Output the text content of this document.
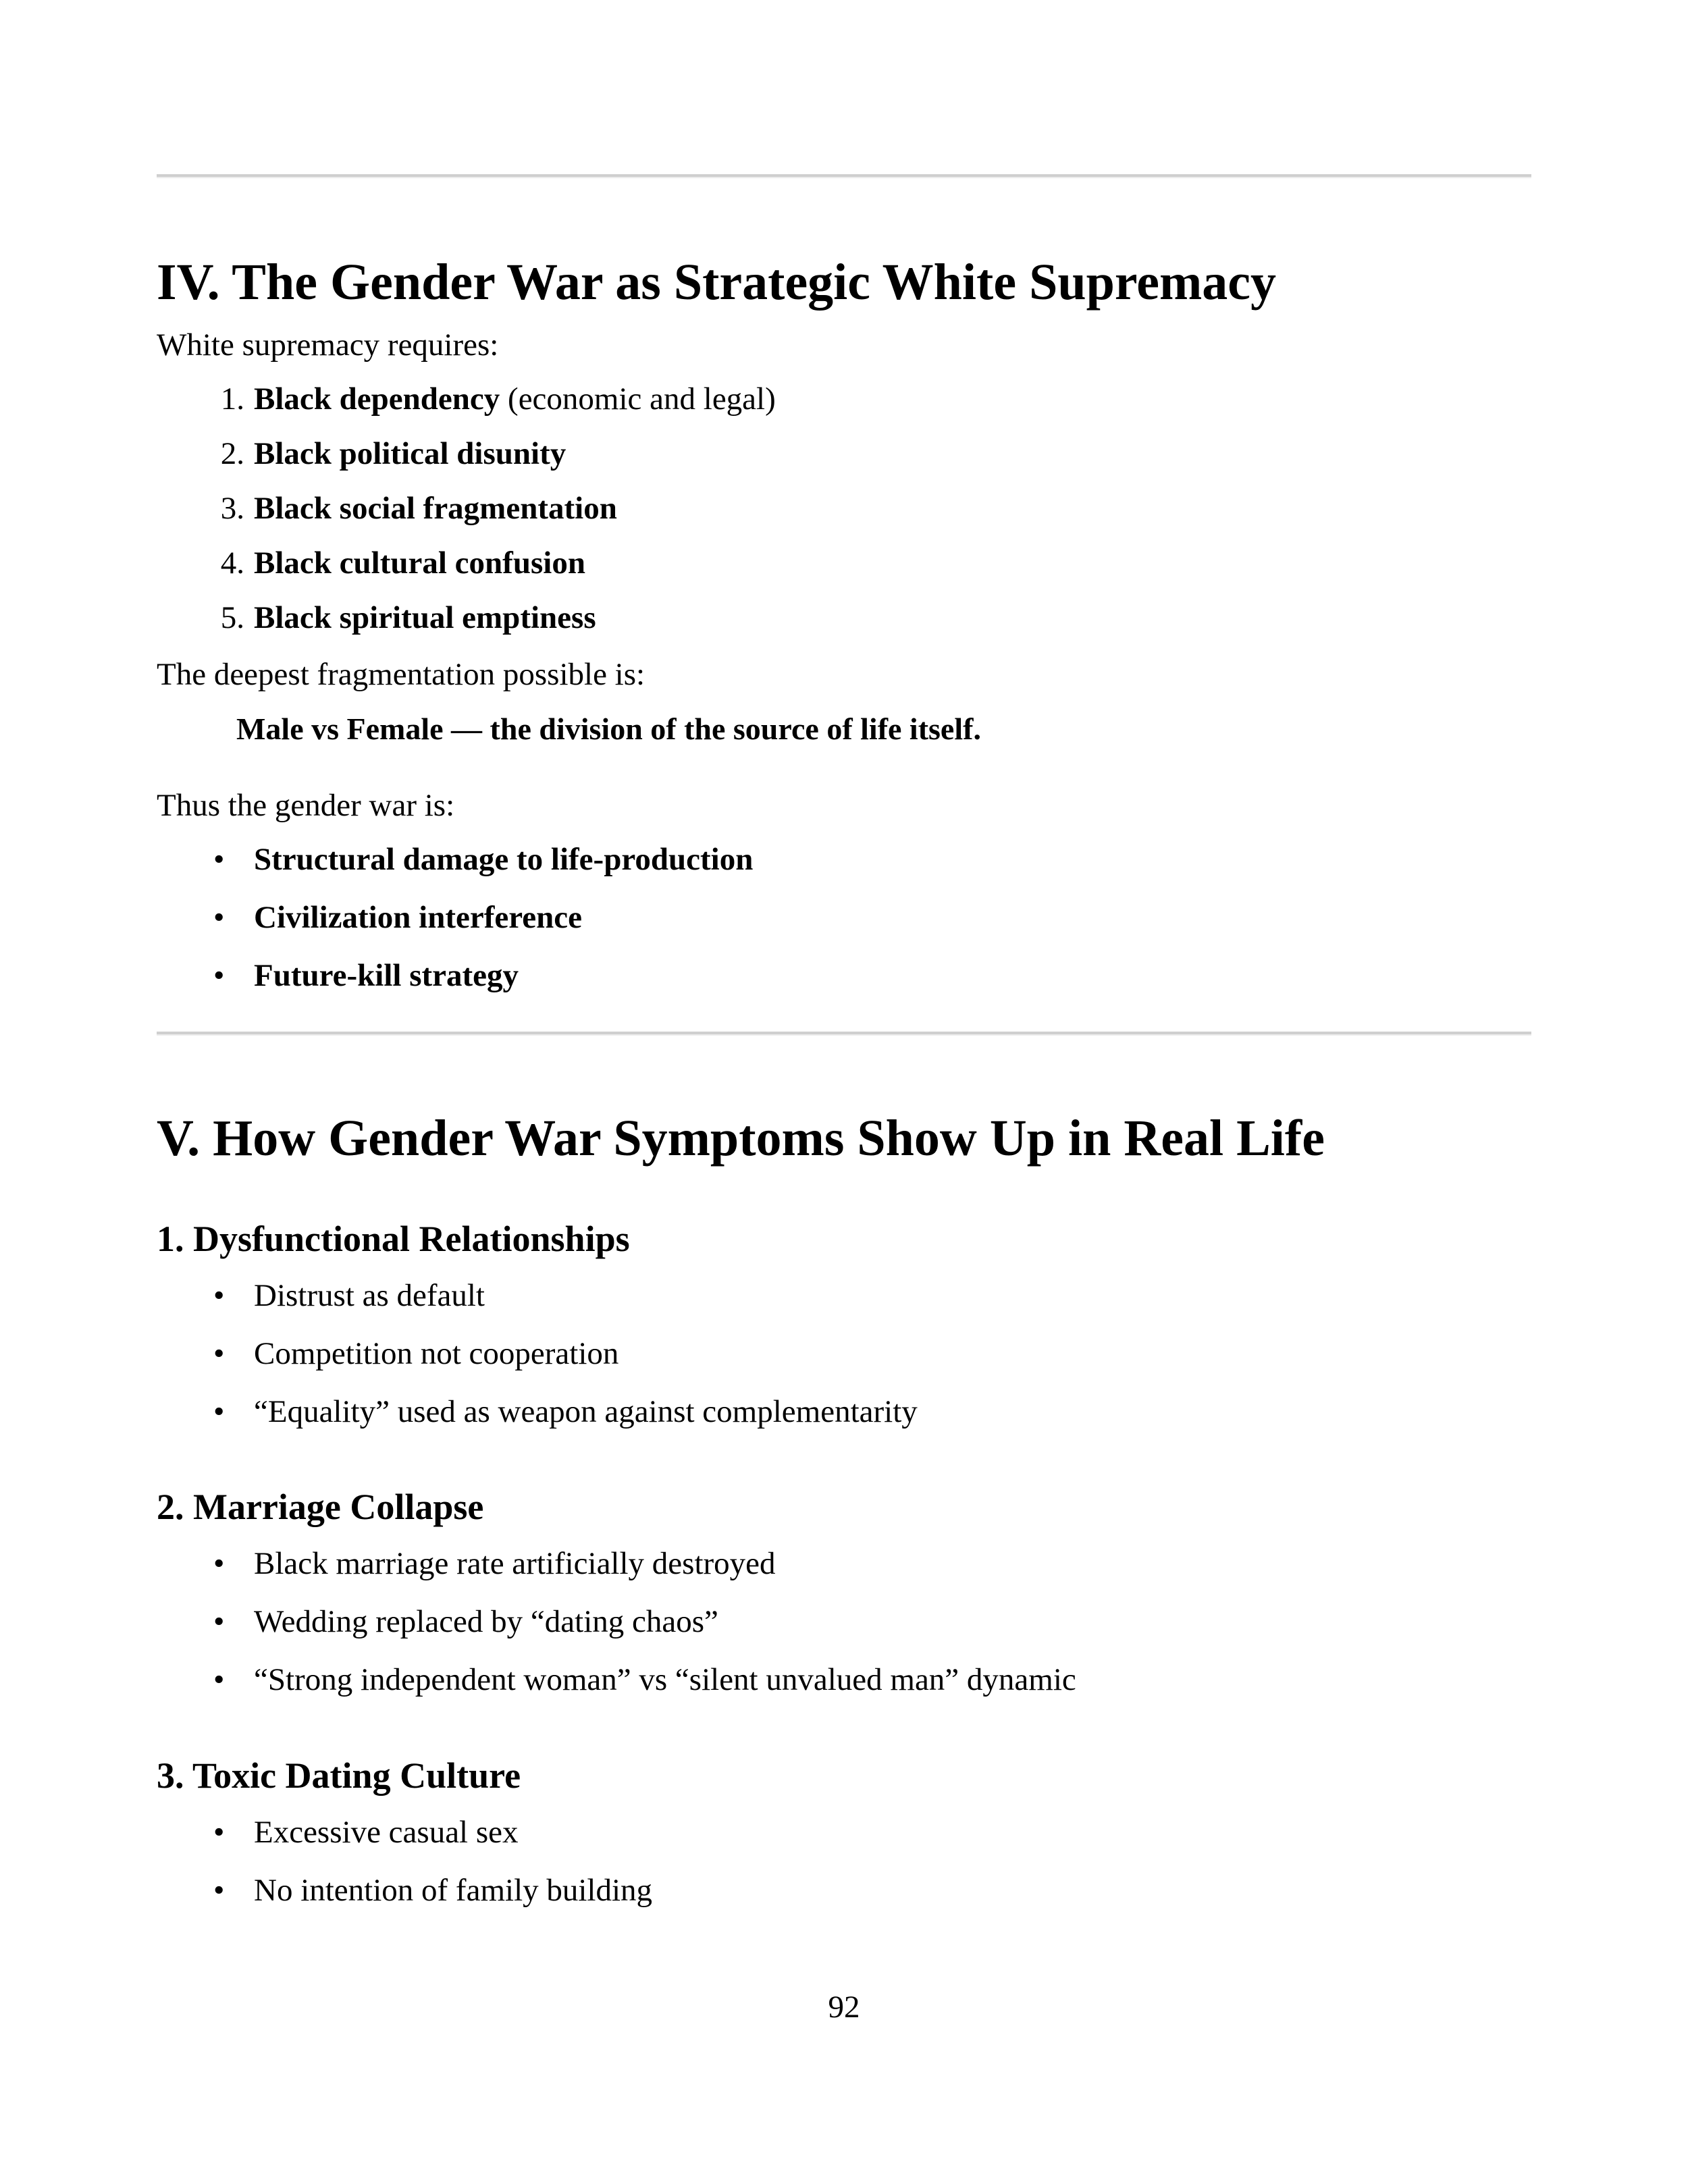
IV. The Gender War as Strategic White Supremacy

White supremacy requires:

1. Black dependency (economic and legal)
2. Black political disunity
3. Black social fragmentation
4. Black cultural confusion
5. Black spiritual emptiness

The deepest fragmentation possible is:

Male vs Female — the division of the source of life itself.

Thus the gender war is:

• Structural damage to life-production
• Civilization interference
• Future-kill strategy
V. How Gender War Symptoms Show Up in Real Life
1. Dysfunctional Relationships
• Distrust as default
• Competition not cooperation
• “Equality” used as weapon against complementarity
2. Marriage Collapse
• Black marriage rate artificially destroyed
• Wedding replaced by “dating chaos”
• “Strong independent woman” vs “silent unvalued man” dynamic
3. Toxic Dating Culture
• Excessive casual sex
• No intention of family building
92
